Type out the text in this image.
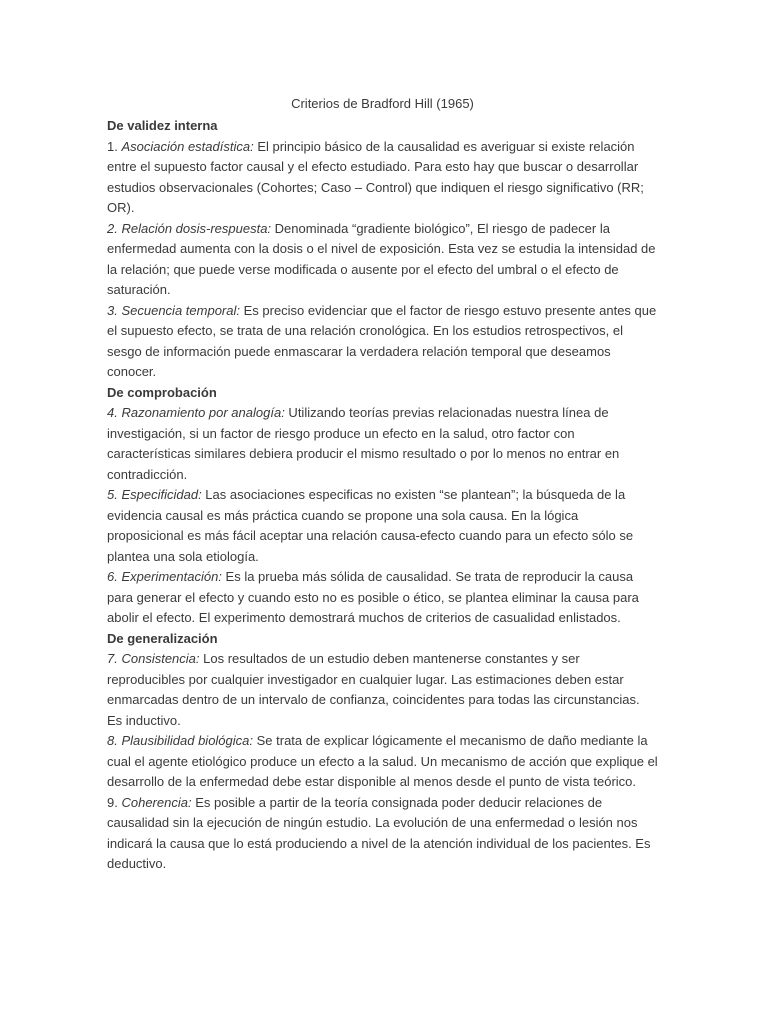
Criterios de Bradford Hill (1965)

De validez interna

1. Asociación estadística: El principio básico de la causalidad es averiguar si existe relación entre el supuesto factor causal y el efecto estudiado. Para esto hay que buscar o desarrollar estudios observacionales (Cohortes; Caso – Control) que indiquen el riesgo significativo (RR; OR).

2. Relación dosis-respuesta: Denominada “gradiente biológico”, El riesgo de padecer la enfermedad aumenta con la dosis o el nivel de exposición. Esta vez se estudia la intensidad de la relación; que puede verse modificada o ausente por el efecto del umbral o el efecto de saturación.

3. Secuencia temporal: Es preciso evidenciar que el factor de riesgo estuvo presente antes que el supuesto efecto, se trata de una relación cronológica. En los estudios retrospectivos, el sesgo de información puede enmascarar la verdadera relación temporal que deseamos conocer.

De comprobación

4. Razonamiento por analogía: Utilizando teorías previas relacionadas nuestra línea de investigación, si un factor de riesgo produce un efecto en la salud, otro factor con características similares debiera producir el mismo resultado o por lo menos no entrar en contradicción.

5. Especificidad: Las asociaciones especificas no existen “se plantean”; la búsqueda de la evidencia causal es más práctica cuando se propone una sola causa. En la lógica proposicional es más fácil aceptar una relación causa-efecto cuando para un efecto sólo se plantea una sola etiología.

6. Experimentación: Es la prueba más sólida de causalidad. Se trata de reproducir la causa para generar el efecto y cuando esto no es posible o ético, se plantea eliminar la causa para abolir el efecto. El experimento demostrará muchos de criterios de casualidad enlistados.

De generalización

7. Consistencia: Los resultados de un estudio deben mantenerse constantes y ser reproducibles por cualquier investigador en cualquier lugar. Las estimaciones deben estar enmarcadas dentro de un intervalo de confianza, coincidentes para todas las circunstancias. Es inductivo.

8. Plausibilidad biológica: Se trata de explicar lógicamente el mecanismo de daño mediante la cual el agente etiológico produce un efecto a la salud. Un mecanismo de acción que explique el desarrollo de la enfermedad debe estar disponible al menos desde el punto de vista teórico.

9. Coherencia: Es posible a partir de la teoría consignada poder deducir relaciones de causalidad sin la ejecución de ningún estudio. La evolución de una enfermedad o lesión nos indicará la causa que lo está produciendo a nivel de la atención individual de los pacientes. Es deductivo.
